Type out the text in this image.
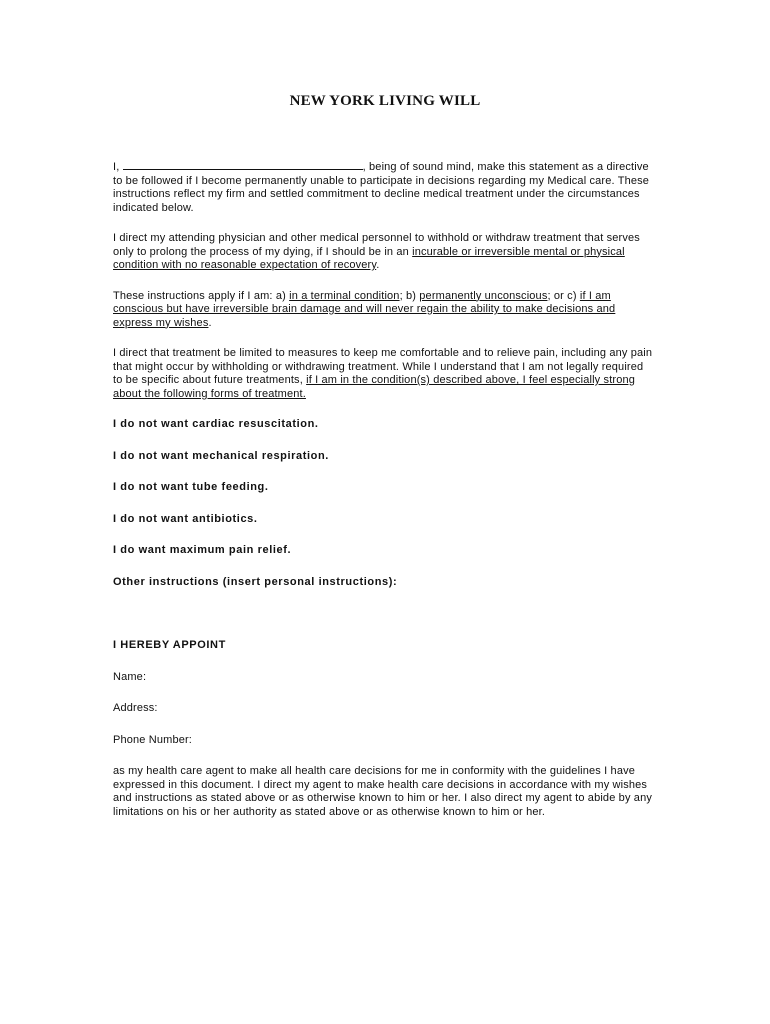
NEW YORK LIVING WILL

I,	, being of sound mind, make this statement as a directive to be followed if I become permanently unable to participate in decisions regarding my Medical care. These instructions reflect my firm and settled commitment to decline medical treatment under the circumstances indicated below.

I direct my attending physician and other medical personnel to withhold or withdraw treatment that serves only to prolong the process of my dying, if I should be in an incurable or irreversible mental or physical condition with no reasonable expectation of recovery.

These instructions apply if I am: a) in a terminal condition; b) permanently unconscious; or c) if I am conscious but have irreversible brain damage and will never regain the ability to make decisions and express my wishes.

I direct that treatment be limited to measures to keep me comfortable and to relieve pain, including any pain that might occur by withholding or withdrawing treatment. While I understand that I am not legally required to be specific about future treatments, if I am in the condition(s) described above, I feel especially strong about the following forms of treatment.

I do not want cardiac resuscitation.

I do not want mechanical respiration.

I do not want tube feeding.

I do not want antibiotics.

I do want maximum pain relief.

Other instructions (insert personal instructions):

I HEREBY APPOINT

Name:

Address:

Phone Number:

as my health care agent to make all health care decisions for me in conformity with the guidelines I have expressed in this document. I direct my agent to make health care decisions in accordance with my wishes and instructions as stated above or as otherwise known to him or her. I also direct my agent to abide by any limitations on his or her authority as stated above or as otherwise known to him or her.
